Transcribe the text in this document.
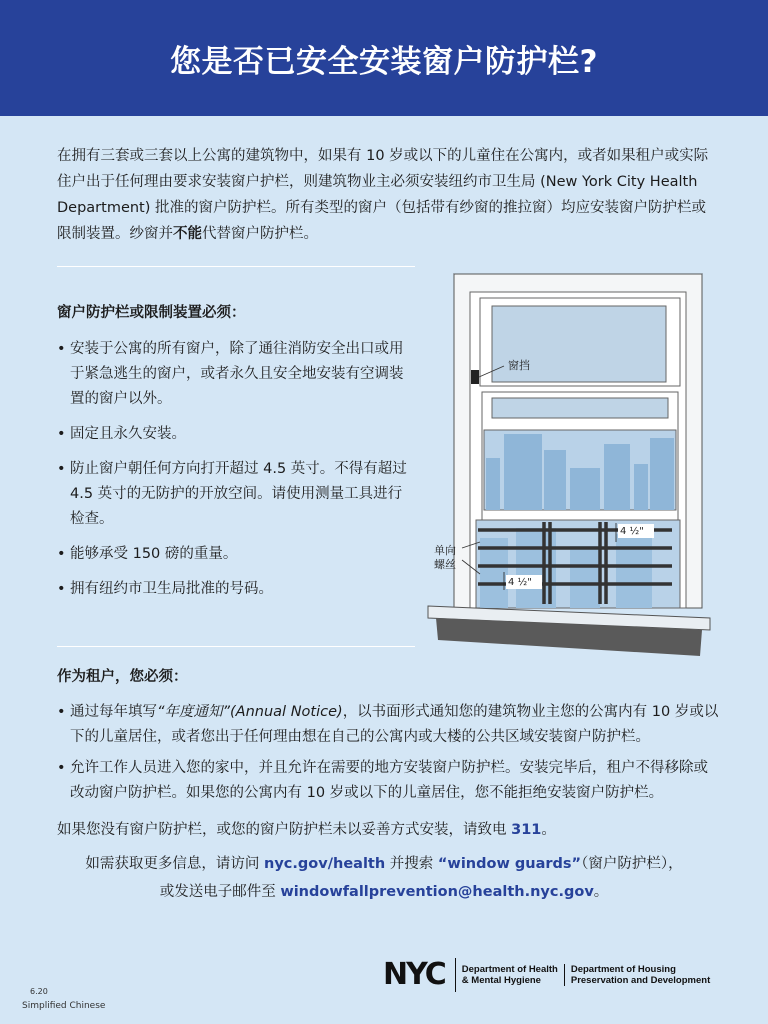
您是否已安全安装窗户防护栏?

在拥有三套或三套以上公寓的建筑物中，如果有 10 岁或以下的儿童住在公寓内，或者如果租户或实际住户出于任何理由要求安装窗户护栏，则建筑物业主必须安装纽约市卫生局 (New York City Health Department) 批准的窗户防护栏。所有类型的窗户（包括带有纱窗的推拉窗）均应安装窗户防护栏或限制装置。纱窗并不能代替窗户防护栏。

窗户防护栏或限制装置必须：
• 安装于公寓的所有窗户，除了通往消防安全出口或用于紧急逃生的窗户，或者永久且安全地安装有空调装置的窗户以外。
• 固定且永久安装。
• 防止窗户朝任何方向打开超过 4.5 英寸。不得有超过 4.5 英寸的无防护的开放空间。请使用测量工具进行检查。
• 能够承受 150 磅的重量。
• 拥有纽约市卫生局批准的号码。
4 ½"
4 ½"
窗挡
单向
螺丝
作为租户，您必须：
• 通过每年填写“年度通知”(Annual Notice)，以书面形式通知您的建筑物业主您的公寓内有 10 岁或以下的儿童居住，或者您出于任何理由想在自己的公寓内或大楼的公共区域安装窗户防护栏。
• 允许工作人员进入您的家中，并且允许在需要的地方安装窗户防护栏。安装完毕后，租户不得移除或改动窗户防护栏。如果您的公寓内有 10 岁或以下的儿童居住，您不能拒绝安装窗户防护栏。

如果您没有窗户防护栏，或您的窗户防护栏未以妥善方式安装，请致电 311。

如需获取更多信息，请访问 nyc.gov/health 并搜索 “window guards”（窗户防护栏），
或发送电子邮件至 windowfallprevention@health.nyc.gov。
6.20
Simplified Chinese
NYC	Department of Health
& Mental Hygiene
Department of Housing
Preservation and Development
